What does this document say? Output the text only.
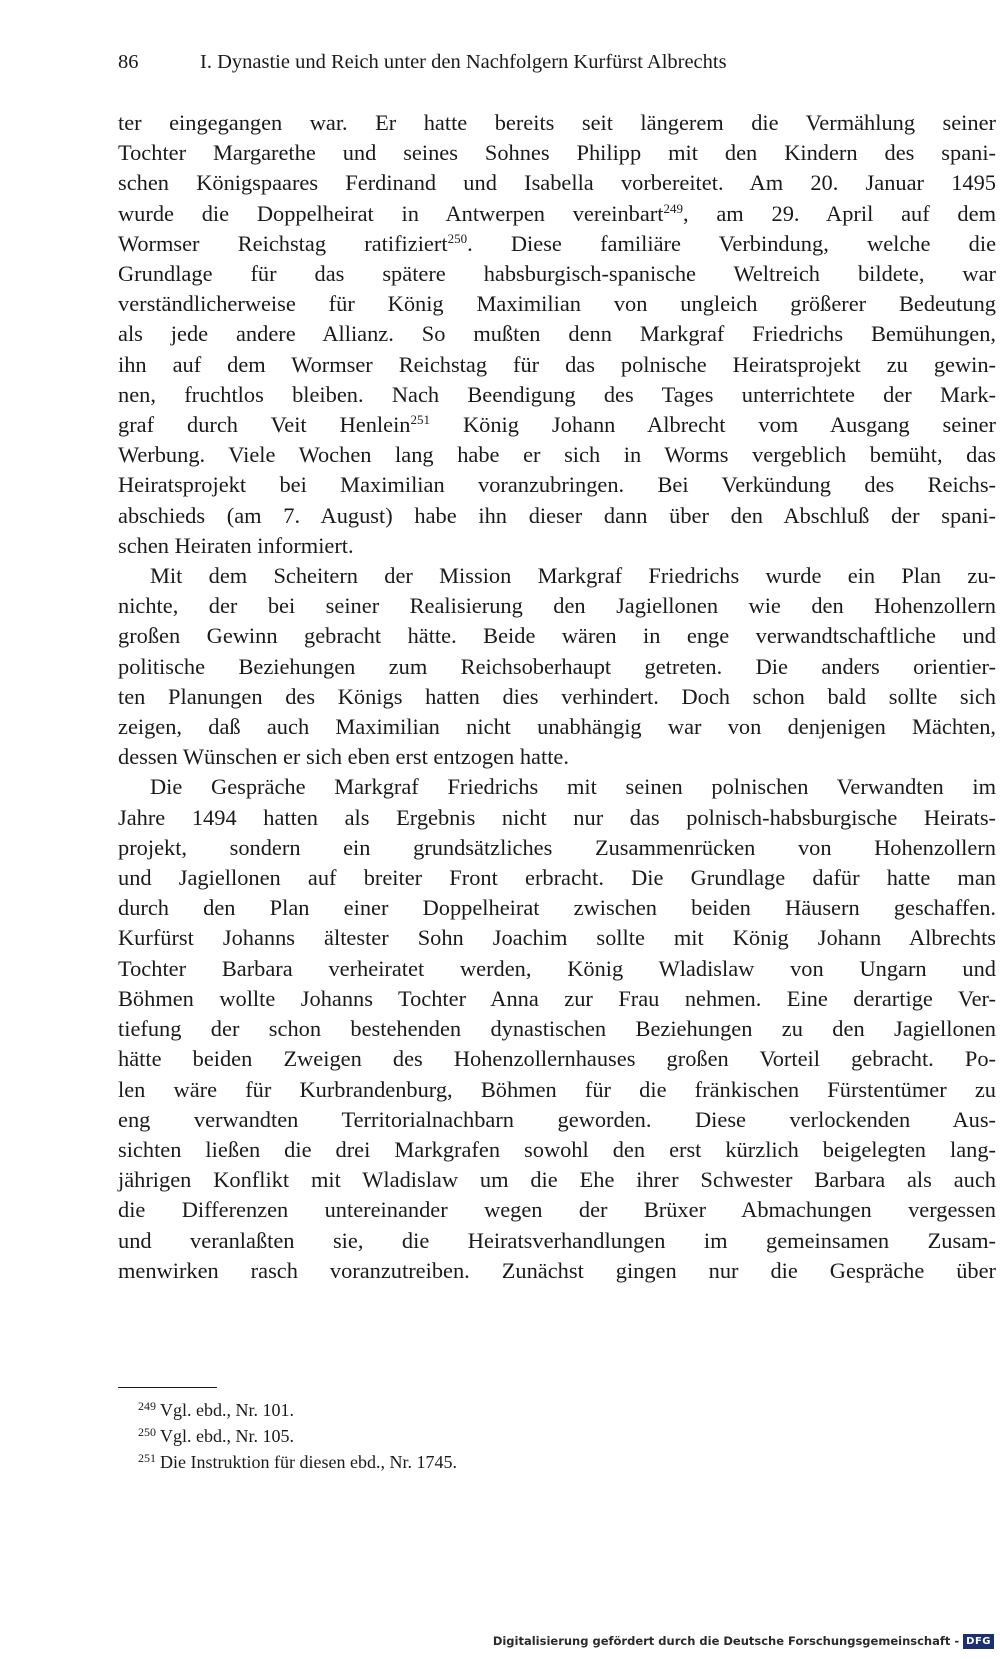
86	I. Dynastie und Reich unter den Nachfolgern Kurfürst Albrechts
ter eingegangen war. Er hatte bereits seit längerem die Vermählung seiner
Tochter Margarethe und seines Sohnes Philipp mit den Kindern des spani-
schen Königspaares Ferdinand und Isabella vorbereitet. Am 20. Januar 1495
wurde die Doppelheirat in Antwerpen vereinbart$^{249}$, am 29. April auf dem
Wormser Reichstag ratifiziert$^{250}$. Diese familiäre Verbindung, welche die
Grundlage für das spätere habsburgisch-spanische Weltreich bildete, war
verständlicherweise für König Maximilian von ungleich größerer Bedeutung
als jede andere Allianz. So mußten denn Markgraf Friedrichs Bemühungen,
ihn auf dem Wormser Reichstag für das polnische Heiratsprojekt zu gewin-
nen, fruchtlos bleiben. Nach Beendigung des Tages unterrichtete der Mark-
graf durch Veit Henlein$^{251}$ König Johann Albrecht vom Ausgang seiner
Werbung. Viele Wochen lang habe er sich in Worms vergeblich bemüht, das
Heiratsprojekt bei Maximilian voranzubringen. Bei Verkündung des Reichs-
abschieds (am 7. August) habe ihn dieser dann über den Abschluß der spani-
schen Heiraten informiert.
Mit dem Scheitern der Mission Markgraf Friedrichs wurde ein Plan zu-
nichte, der bei seiner Realisierung den Jagiellonen wie den Hohenzollern
großen Gewinn gebracht hätte. Beide wären in enge verwandtschaftliche und
politische Beziehungen zum Reichsoberhaupt getreten. Die anders orientier-
ten Planungen des Königs hatten dies verhindert. Doch schon bald sollte sich
zeigen, daß auch Maximilian nicht unabhängig war von denjenigen Mächten,
dessen Wünschen er sich eben erst entzogen hatte.
Die Gespräche Markgraf Friedrichs mit seinen polnischen Verwandten im
Jahre 1494 hatten als Ergebnis nicht nur das polnisch-habsburgische Heirats-
projekt, sondern ein grundsätzliches Zusammenrücken von Hohenzollern
und Jagiellonen auf breiter Front erbracht. Die Grundlage dafür hatte man
durch den Plan einer Doppelheirat zwischen beiden Häusern geschaffen.
Kurfürst Johanns ältester Sohn Joachim sollte mit König Johann Albrechts
Tochter Barbara verheiratet werden, König Wladislaw von Ungarn und
Böhmen wollte Johanns Tochter Anna zur Frau nehmen. Eine derartige Ver-
tiefung der schon bestehenden dynastischen Beziehungen zu den Jagiellonen
hätte beiden Zweigen des Hohenzollernhauses großen Vorteil gebracht. Po-
len wäre für Kurbrandenburg, Böhmen für die fränkischen Fürstentümer zu
eng verwandten Territorialnachbarn geworden. Diese verlockenden Aus-
sichten ließen die drei Markgrafen sowohl den erst kürzlich beigelegten lang-
jährigen Konflikt mit Wladislaw um die Ehe ihrer Schwester Barbara als auch
die Differenzen untereinander wegen der Brüxer Abmachungen vergessen
und veranlaßten sie, die Heiratsverhandlungen im gemeinsamen Zusam-
menwirken rasch voranzutreiben. Zunächst gingen nur die Gespräche über
$^{249}$ Vgl. ebd., Nr. 101.
$^{250}$ Vgl. ebd., Nr. 105.
$^{251}$ Die Instruktion für diesen ebd., Nr. 1745.
Digitalisierung gefördert durch die Deutsche Forschungsgemeinschaft - DFG
